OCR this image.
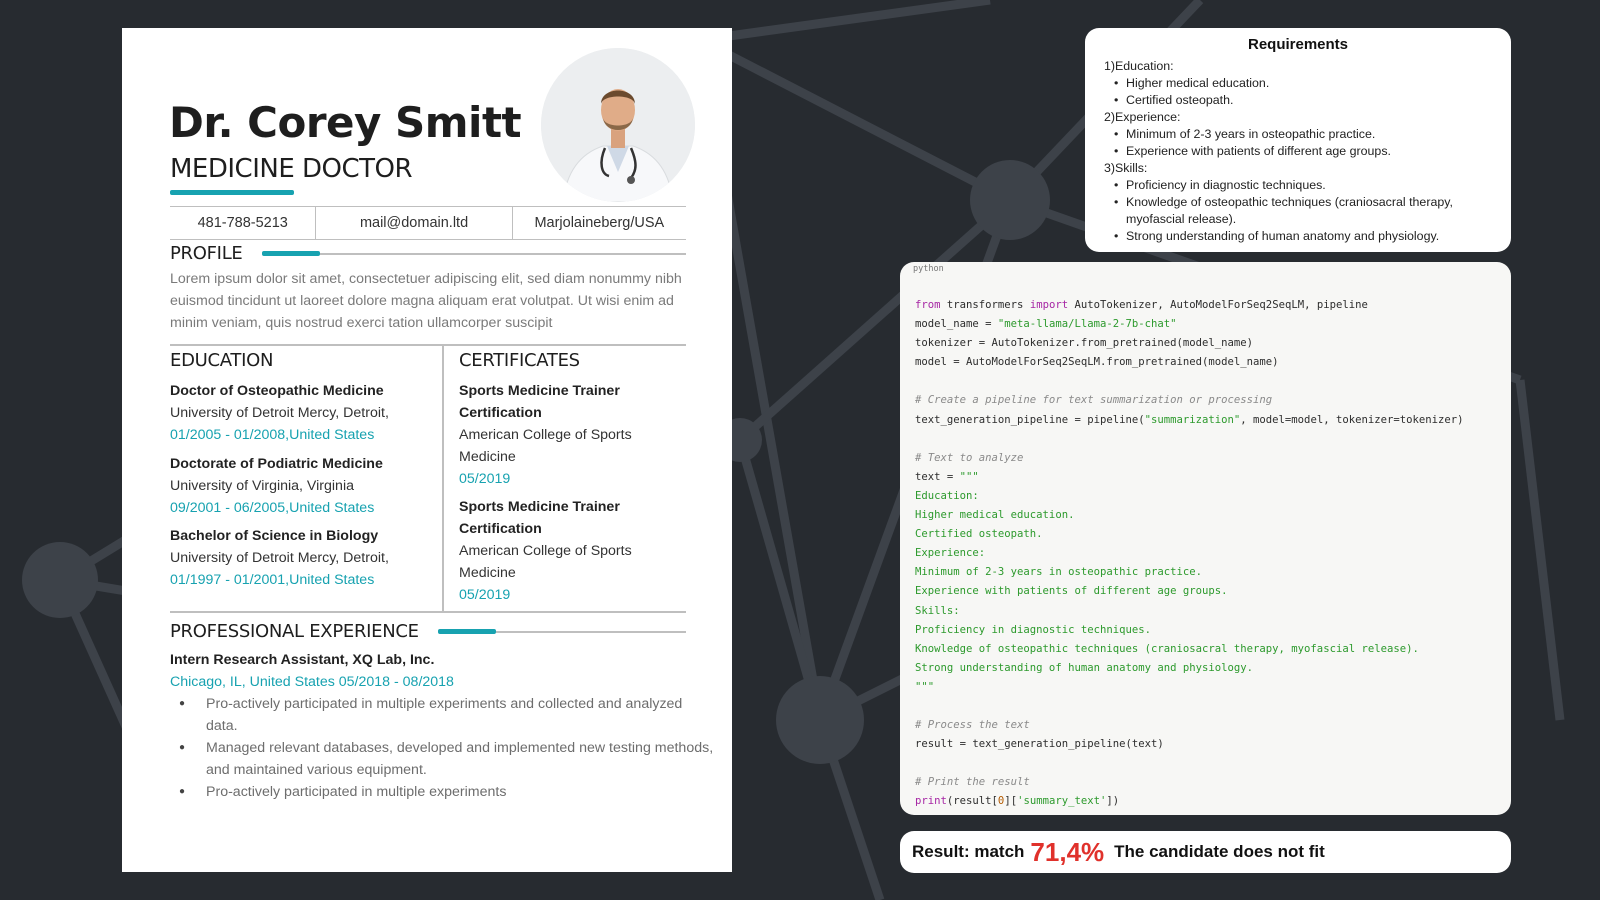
Dr. Corey Smitt
MEDICINE DOCTOR
481-788-5213	mail@domain.ltd	Marjolaineberg/USA
PROFILE
Lorem ipsum dolor sit amet, consectetuer adipiscing elit, sed diam nonummy nibh euismod tincidunt ut laoreet dolore magna aliquam erat volutpat. Ut wisi enim ad minim veniam, quis nostrud exerci tation ullamcorper suscipit
EDUCATION	CERTIFICATES
Doctor of Osteopathic Medicine
University of Detroit Mercy, Detroit,
01/2005 - 01/2008,United States
Doctorate of Podiatric Medicine
University of Virginia, Virginia
09/2001 - 06/2005,United States
Bachelor of Science in Biology
University of Detroit Mercy, Detroit,
01/1997 - 01/2001,United States
Sports Medicine Trainer
Certification
American College of Sports
Medicine
05/2019
Sports Medicine Trainer
Certification
American College of Sports
Medicine
05/2019
PROFESSIONAL EXPERIENCE
Intern Research Assistant, XQ Lab, Inc.
Chicago, IL, United States 05/2018 - 08/2018
● Pro-actively participated in multiple experiments and collected and analyzed data.
● Managed relevant databases, developed and implemented new testing methods, and maintained various equipment.
● Pro-actively participated in multiple experiments
Requirements
1)Education:
• Higher medical education.
• Certified osteopath.
2)Experience:
• Minimum of 2-3 years in osteopathic practice.
• Experience with patients of different age groups.
3)Skills:
• Proficiency in diagnostic techniques.
• Knowledge of osteopathic techniques (craniosacral therapy, myofascial release).
• Strong understanding of human anatomy and physiology.
python
from transformers import AutoTokenizer, AutoModelForSeq2SeqLM, pipeline
model_name = "meta-llama/Llama-2-7b-chat"
tokenizer = AutoTokenizer.from_pretrained(model_name)
model = AutoModelForSeq2SeqLM.from_pretrained(model_name)

# Create a pipeline for text summarization or processing
text_generation_pipeline = pipeline("summarization", model=model, tokenizer=tokenizer)

# Text to analyze
text = """
Education:
Higher medical education.
Certified osteopath.
Experience:
Minimum of 2-3 years in osteopathic practice.
Experience with patients of different age groups.
Skills:
Proficiency in diagnostic techniques.
Knowledge of osteopathic techniques (craniosacral therapy, myofascial release).
Strong understanding of human anatomy and physiology.
"""

# Process the text
result = text_generation_pipeline(text)

# Print the result
print(result[0]['summary_text'])
Result: match 71,4% The candidate does not fit
